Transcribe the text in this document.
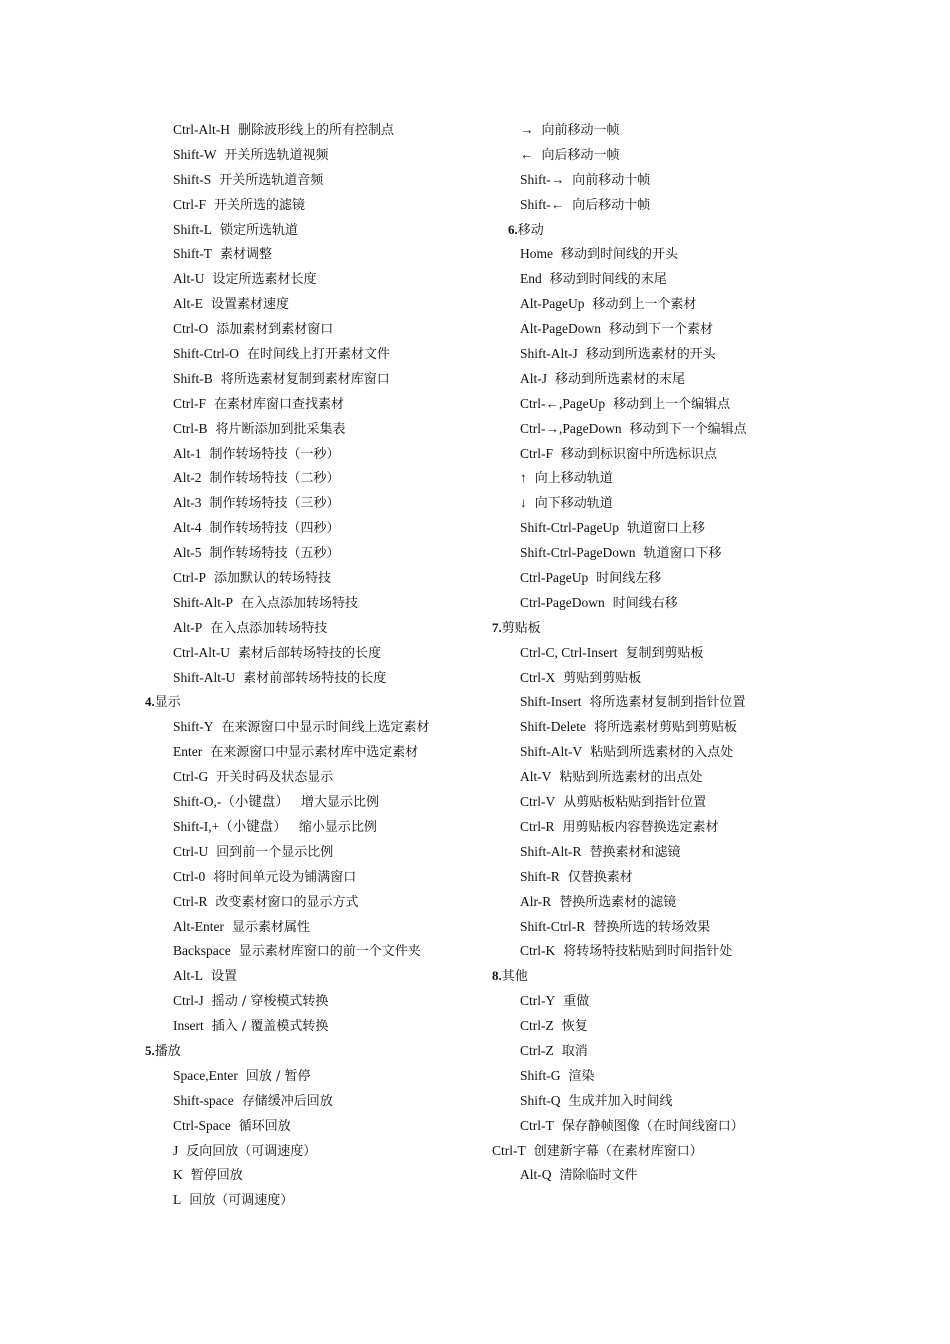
Ctrl-Alt-H 删除波形线上的所有控制点
Shift-W 开关所选轨道视频
Shift-S 开关所选轨道音频
Ctrl-F 开关所选的滤镜
Shift-L 锁定所选轨道
Shift-T 素材调整
Alt-U 设定所选素材长度
Alt-E 设置素材速度
Ctrl-O 添加素材到素材窗口
Shift-Ctrl-O 在时间线上打开素材文件
Shift-B 将所选素材复制到素材库窗口
Ctrl-F 在素材库窗口查找素材
Ctrl-B 将片断添加到批采集表
Alt-1 制作转场特技（一秒）
Alt-2 制作转场特技（二秒）
Alt-3 制作转场特技（三秒）
Alt-4 制作转场特技（四秒）
Alt-5 制作转场特技（五秒）
Ctrl-P 添加默认的转场特技
Shift-Alt-P 在入点添加转场特技
Alt-P 在入点添加转场特技
Ctrl-Alt-U 素材后部转场特技的长度
Shift-Alt-U 素材前部转场特技的长度
4.显示
Shift-Y 在来源窗口中显示时间线上选定素材
Enter 在来源窗口中显示素材库中选定素材
Ctrl-G 开关时码及状态显示
Shift-O,-（小键盘） 增大显示比例
Shift-I,+（小键盘） 缩小显示比例
Ctrl-U 回到前一个显示比例
Ctrl-0 将时间单元设为铺满窗口
Ctrl-R 改变素材窗口的显示方式
Alt-Enter 显示素材属性
Backspace 显示素材库窗口的前一个文件夹
Alt-L 设置
Ctrl-J 摇动 / 穿梭模式转换
Insert 插入 / 覆盖模式转换
5.播放
Space,Enter 回放 / 暂停
Shift-space 存储缓冲后回放
Ctrl-Space 循环回放
J 反向回放（可调速度）
K 暂停回放
L 回放（可调速度）
→ 向前移动一帧
← 向后移动一帧
Shift-→ 向前移动十帧
Shift-← 向后移动十帧
6.移动
Home 移动到时间线的开头
End 移动到时间线的末尾
Alt-PageUp 移动到上一个素材
Alt-PageDown 移动到下一个素材
Shift-Alt-J 移动到所选素材的开头
Alt-J 移动到所选素材的末尾
Ctrl-←,PageUp 移动到上一个编辑点
Ctrl-→,PageDown 移动到下一个编辑点
Ctrl-F 移动到标识窗中所选标识点
↑ 向上移动轨道
↓ 向下移动轨道
Shift-Ctrl-PageUp 轨道窗口上移
Shift-Ctrl-PageDown 轨道窗口下移
Ctrl-PageUp 时间线左移
Ctrl-PageDown 时间线右移
7.剪贴板
Ctrl-C, Ctrl-Insert 复制到剪贴板
Ctrl-X 剪贴到剪贴板
Shift-Insert 将所选素材复制到指针位置
Shift-Delete 将所选素材剪贴到剪贴板
Shift-Alt-V 粘贴到所选素材的入点处
Alt-V 粘贴到所选素材的出点处
Ctrl-V 从剪贴板粘贴到指针位置
Ctrl-R 用剪贴板内容替换选定素材
Shift-Alt-R 替换素材和滤镜
Shift-R 仅替换素材
Alr-R 替换所选素材的滤镜
Shift-Ctrl-R 替换所选的转场效果
Ctrl-K 将转场特技粘贴到时间指针处
8.其他
Ctrl-Y 重做
Ctrl-Z 恢复
Ctrl-Z 取消
Shift-G 渲染
Shift-Q 生成并加入时间线
Ctrl-T 保存静帧图像（在时间线窗口）
Ctrl-T 创建新字幕（在素材库窗口）
Alt-Q 清除临时文件
